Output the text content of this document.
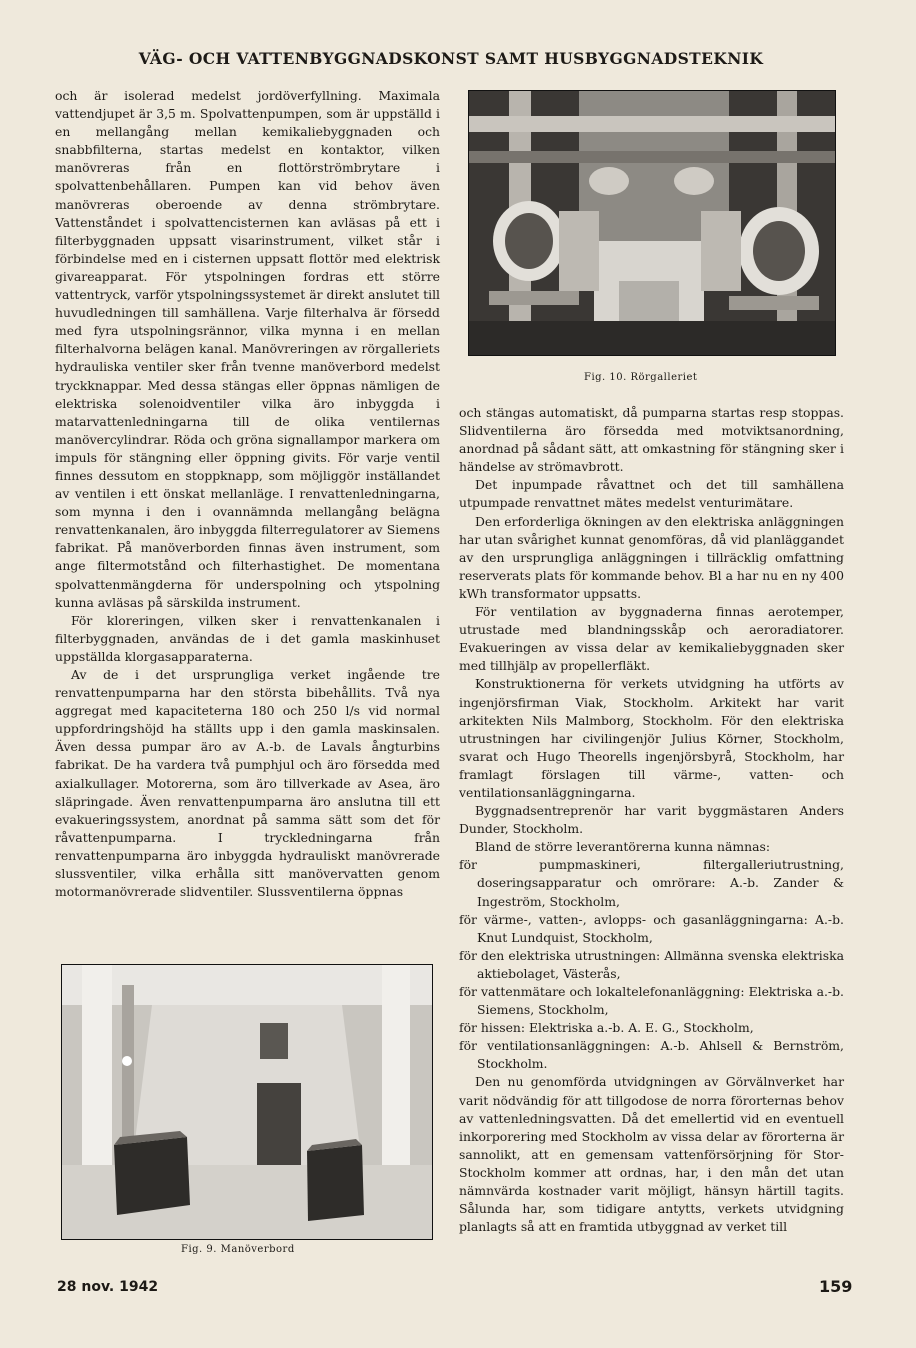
VÄG- OCH VATTENBYGGNADSKONST SAMT HUSBYGGNADSTEKNIK

och är isolerad medelst jordöverfyllning. Maximala vattendjupet är 3,5 m. Spolvattenpumpen, som är uppställd i en mellangång mellan kemikaliebyggnaden och snabbfilterna, startas medelst en kontaktor, vilken manövreras från en flottörströmbrytare i spolvattenbehållaren. Pumpen kan vid behov även manövreras oberoende av denna strömbrytare. Vattenståndet i spolvattencisternen kan avläsas på ett i filterbyggnaden uppsatt visarinstrument, vilket står i förbindelse med en i cisternen uppsatt flottör med elektrisk givareapparat. För ytspolningen fordras ett större vattentryck, varför ytspolningssystemet är direkt anslutet till huvudledningen till samhällena. Varje filterhalva är försedd med fyra utspolningsrännor, vilka mynna i en mellan filterhalvorna belägen kanal. Manövreringen av rörgalleriets hydrauliska ventiler sker från tvenne manöverbord medelst tryckknappar. Med dessa stängas eller öppnas nämligen de elektriska solenoidventiler vilka äro inbyggda i matarvattenledningarna till de olika ventilernas manövercylindrar. Röda och gröna signallampor markera om impuls för stängning eller öppning givits. För varje ventil finnes dessutom en stoppknapp, som möjliggör inställandet av ventilen i ett önskat mellanläge. I renvattenledningarna, som mynna i den i ovannämnda mellangång belägna renvattenkanalen, äro inbyggda filterregulatorer av Siemens fabrikat. På manöverborden finnas även instrument, som ange filtermotstånd och filterhastighet. De momentana spolvattenmängderna för underspolning och ytspolning kunna avläsas på särskilda instrument.

För kloreringen, vilken sker i renvattenkanalen i filterbyggnaden, användas de i det gamla maskinhuset uppställda klorgasapparaterna.

Av de i det ursprungliga verket ingående tre renvattenpumparna har den största bibehållits. Två nya aggregat med kapaciteterna 180 och 250 l/s vid normal uppfordringshöjd ha ställts upp i den gamla maskinsalen. Även dessa pumpar äro av A.-b. de Lavals ångturbins fabrikat. De ha vardera två pumphjul och äro försedda med axialkullager. Motorerna, som äro tillverkade av Asea, äro släpringade. Även renvattenpumparna äro anslutna till ett evakueringssystem, anordnat på samma sätt som det för råvattenpumparna. I tryckledningarna från renvattenpumparna äro inbyggda hydrauliskt manövrerade slussventiler, vilka erhålla sitt manövervatten genom motormanövrerade slidventiler. Slussventilerna öppnas

Fig. 10. Rörgalleriet

och stängas automatiskt, då pumparna startas resp stoppas. Slidventilerna äro försedda med motviktsanordning, anordnad på sådant sätt, att omkastning för stängning sker i händelse av strömavbrott.

Det inpumpade råvattnet och det till samhällena utpumpade renvattnet mätes medelst venturimätare.

Den erforderliga ökningen av den elektriska anläggningen har utan svårighet kunnat genomföras, då vid planläggandet av den ursprungliga anläggningen i tillräcklig omfattning reserverats plats för kommande behov. Bl a har nu en ny 400 kWh transformator uppsatts.

För ventilation av byggnaderna finnas aerotemper, utrustade med blandningsskåp och aeroradiatorer. Evakueringen av vissa delar av kemikaliebyggnaden sker med tillhjälp av propellerfläkt.

Konstruktionerna för verkets utvidgning ha utförts av ingenjörsfirman Viak, Stockholm. Arkitekt har varit arkitekten Nils Malmborg, Stockholm. För den elektriska utrustningen har civilingenjör Julius Körner, Stockholm, svarat och Hugo Theorells ingenjörsbyrå, Stockholm, har framlagt förslagen till värme-, vatten- och ventilationsanläggningarna.

Byggnadsentreprenör har varit byggmästaren Anders Dunder, Stockholm.

Bland de större leverantörerna kunna nämnas:

för pumpmaskineri, filtergalleriutrustning, doseringsapparatur och omrörare: A.-b. Zander & Ingeström, Stockholm,

för värme-, vatten-, avlopps- och gasanläggningarna: A.-b. Knut Lundquist, Stockholm,

för den elektriska utrustningen: Allmänna svenska elektriska aktiebolaget, Västerås,

för vattenmätare och lokaltelefonanläggning: Elektriska a.-b. Siemens, Stockholm,

för hissen: Elektriska a.-b. A. E. G., Stockholm,

för ventilationsanläggningen: A.-b. Ahlsell & Bernström, Stockholm.

Den nu genomförda utvidgningen av Görvälnverket har varit nödvändig för att tillgodose de norra förorternas behov av vattenledningsvatten. Då det emellertid vid en eventuell inkorporering med Stockholm av vissa delar av förorterna är sannolikt, att en gemensam vattenförsörjning för Stor-Stockholm kommer att ordnas, har, i den mån det utan nämnvärda kostnader varit möjligt, hänsyn härtill tagits. Sålunda har, som tidigare antytts, verkets utvidgning planlagts så att en framtida utbyggnad av verket till

Fig. 9. Manöverbord
28 nov. 1942	159
